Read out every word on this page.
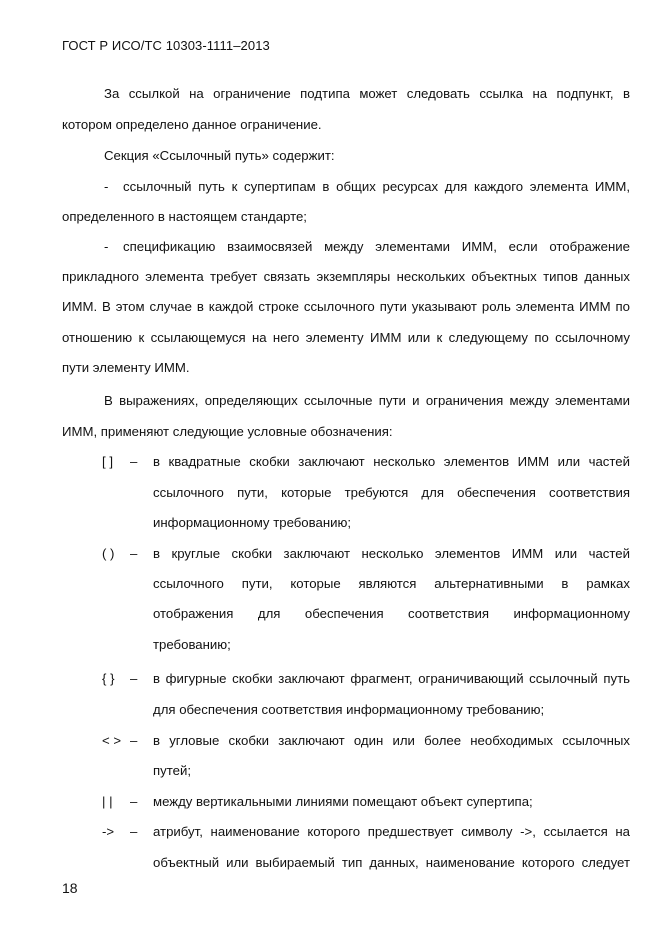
ГОСТ Р ИСО/ТС 10303-1111–2013
За ссылкой на ограничение подтипа может следовать ссылка на подпункт, в
котором определено данное ограничение.
Секция «Ссылочный путь» содержит:
- ссылочный путь к супертипам в общих ресурсах для каждого элемента ИММ,
определенного в настоящем стандарте;
- спецификацию взаимосвязей между элементами ИММ, если отображение
прикладного элемента требует связать экземпляры нескольких объектных типов данных
ИММ. В этом случае в каждой строке ссылочного пути указывают роль элемента ИММ по
отношению к ссылающемуся на него элементу ИММ или к следующему по ссылочному
пути элементу ИММ.
В выражениях, определяющих ссылочные пути и ограничения между элементами
ИММ, применяют следующие условные обозначения:
[ ] – в квадратные скобки заключают несколько элементов ИММ или частей
ссылочного пути, которые требуются для обеспечения соответствия
информационному требованию;
( ) – в круглые скобки заключают несколько элементов ИММ или частей
ссылочного пути, которые являются альтернативными в рамках
отображения для обеспечения соответствия информационному
требованию;
{ } – в фигурные скобки заключают фрагмент, ограничивающий ссылочный путь
для обеспечения соответствия информационному требованию;
< > – в угловые скобки заключают один или более необходимых ссылочных
путей;
| | – между вертикальными линиями помещают объект супертипа;
-> – атрибут, наименование которого предшествует символу ->, ссылается на
объектный или выбираемый тип данных, наименование которого следует
18
